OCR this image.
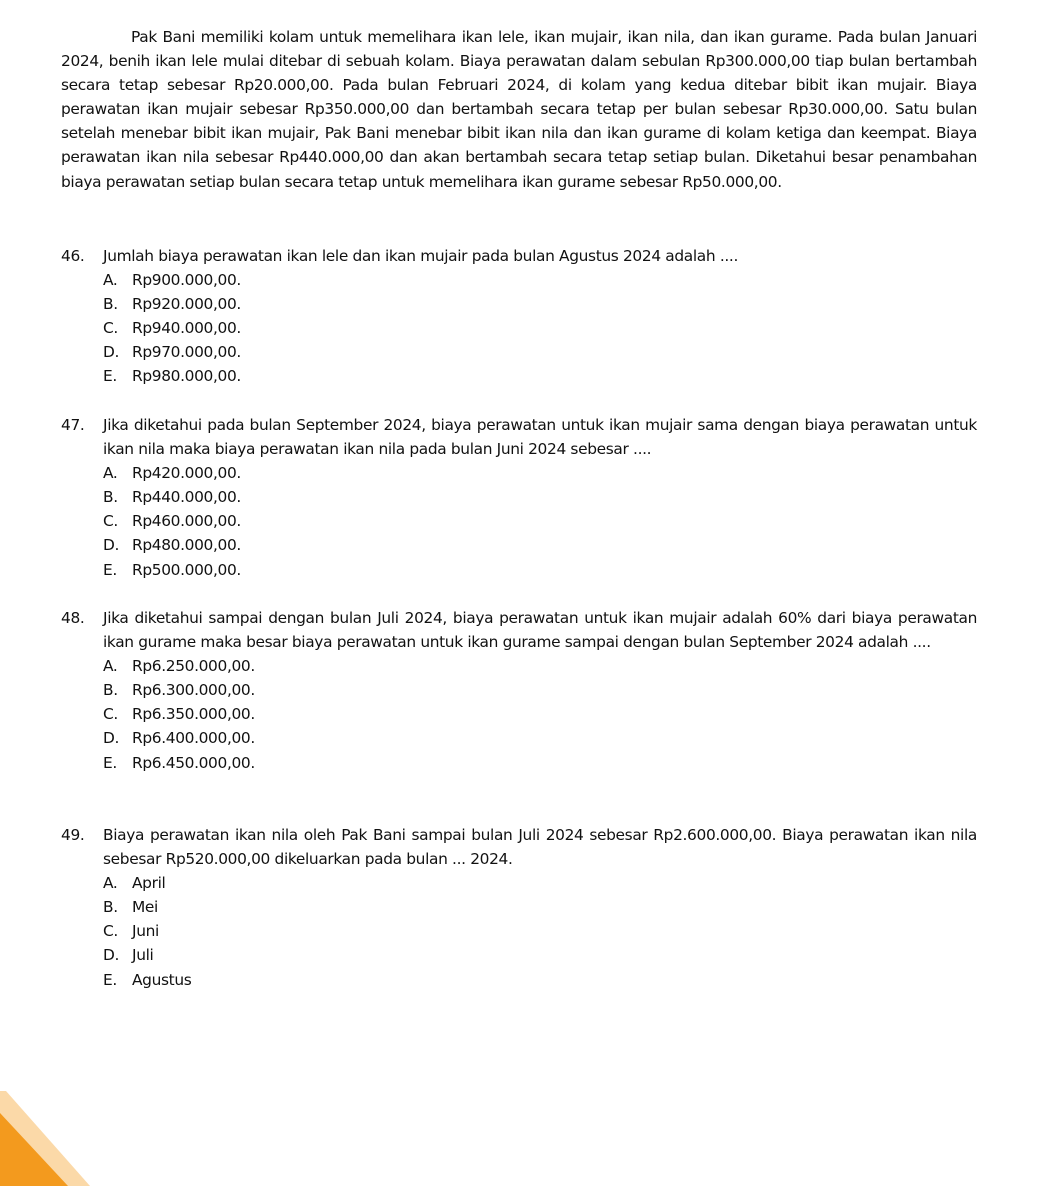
Pak Bani memiliki kolam untuk memelihara ikan lele, ikan mujair, ikan nila, dan ikan gurame. Pada bulan Januari 2024, benih ikan lele mulai ditebar di sebuah kolam. Biaya perawatan dalam sebulan Rp300.000,00 tiap bulan bertambah secara tetap sebesar Rp20.000,00. Pada bulan Februari 2024, di kolam yang kedua ditebar bibit ikan mujair. Biaya perawatan ikan mujair sebesar Rp350.000,00 dan bertambah secara tetap per bulan sebesar Rp30.000,00. Satu bulan setelah menebar bibit ikan mujair, Pak Bani menebar bibit ikan nila dan ikan gurame di kolam ketiga dan keempat. Biaya perawatan ikan nila sebesar Rp440.000,00 dan akan bertambah secara tetap setiap bulan. Diketahui besar penambahan biaya perawatan setiap bulan secara tetap untuk memelihara ikan gurame sebesar Rp50.000,00.

46.	Jumlah biaya perawatan ikan lele dan ikan mujair pada bulan Agustus 2024 adalah ....
A. Rp900.000,00.
B. Rp920.000,00.
C. Rp940.000,00.
D. Rp970.000,00.
E. Rp980.000,00.
47.	Jika diketahui pada bulan September 2024, biaya perawatan untuk ikan mujair sama dengan biaya perawatan untuk ikan nila maka biaya perawatan ikan nila pada bulan Juni 2024 sebesar ....
A. Rp420.000,00.
B. Rp440.000,00.
C. Rp460.000,00.
D. Rp480.000,00.
E. Rp500.000,00.
48.	Jika diketahui sampai dengan bulan Juli 2024, biaya perawatan untuk ikan mujair adalah 60% dari biaya perawatan ikan gurame maka besar biaya perawatan untuk ikan gurame sampai dengan bulan September 2024 adalah ....
A. Rp6.250.000,00.
B. Rp6.300.000,00.
C. Rp6.350.000,00.
D. Rp6.400.000,00.
E. Rp6.450.000,00.
49.	Biaya perawatan ikan nila oleh Pak Bani sampai bulan Juli 2024 sebesar Rp2.600.000,00. Biaya perawatan ikan nila sebesar Rp520.000,00 dikeluarkan pada bulan ... 2024.
A. April
B. Mei
C. Juni
D. Juli
E. Agustus
